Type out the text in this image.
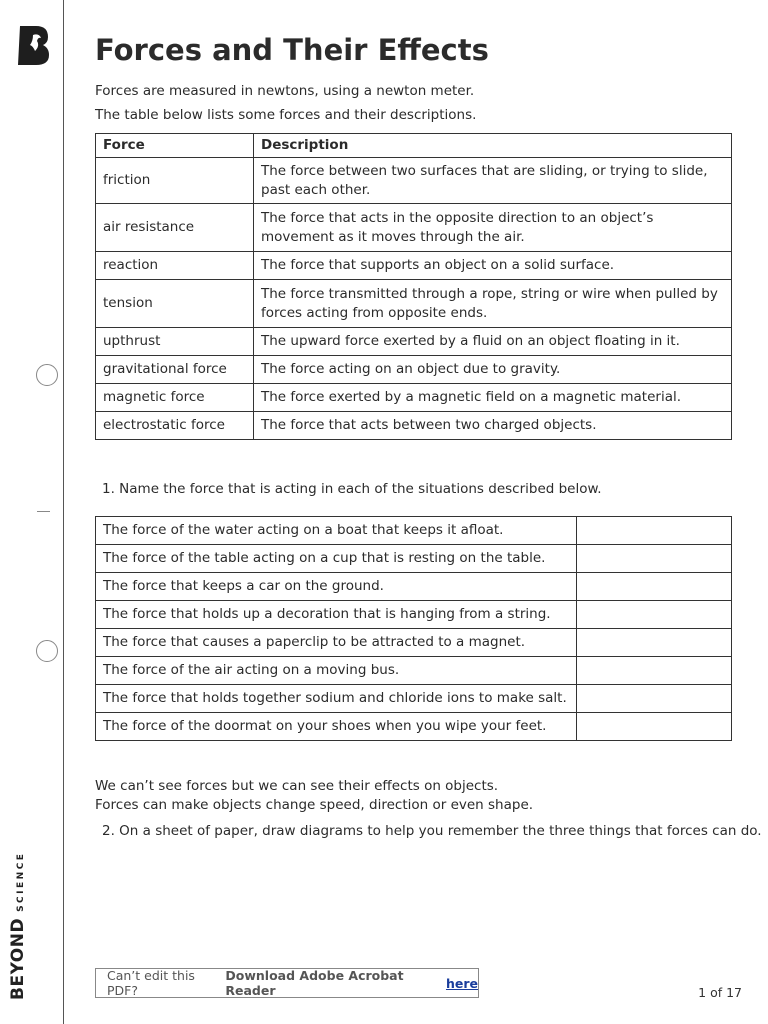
BEYOND
SCIENCE
Forces and Their Effects

Forces are measured in newtons, using a newton meter.

The table below lists some forces and their descriptions.

Force	Description
friction	The force between two surfaces that are sliding, or trying to slide, past each other.
air resistance	The force that acts in the opposite direction to an object’s movement as it moves through the air.
reaction	The force that supports an object on a solid surface.
tension	The force transmitted through a rope, string or wire when pulled by forces acting from opposite ends.
upthrust	The upward force exerted by a fluid on an object floating in it.
gravitational force	The force acting on an object due to gravity.
magnetic force	The force exerted by a magnetic field on a magnetic material.
electrostatic force	The force that acts between two charged objects.

1. Name the force that is acting in each of the situations described below.

The force of the water acting on a boat that keeps it afloat.	
The force of the table acting on a cup that is resting on the table.	
The force that keeps a car on the ground.	
The force that holds up a decoration that is hanging from a string.	
The force that causes a paperclip to be attracted to a magnet.	
The force of the air acting on a moving bus.	
The force that holds together sodium and chloride ions to make salt.	
The force of the doormat on your shoes when you wipe your feet.	

We can’t see forces but we can see their effects on objects.

Forces can make objects change speed, direction or even shape.

2. On a sheet of paper, draw diagrams to help you remember the three things that forces can do.

Can’t edit this PDF?
Download Adobe Acrobat Reader	here
1 of 17
